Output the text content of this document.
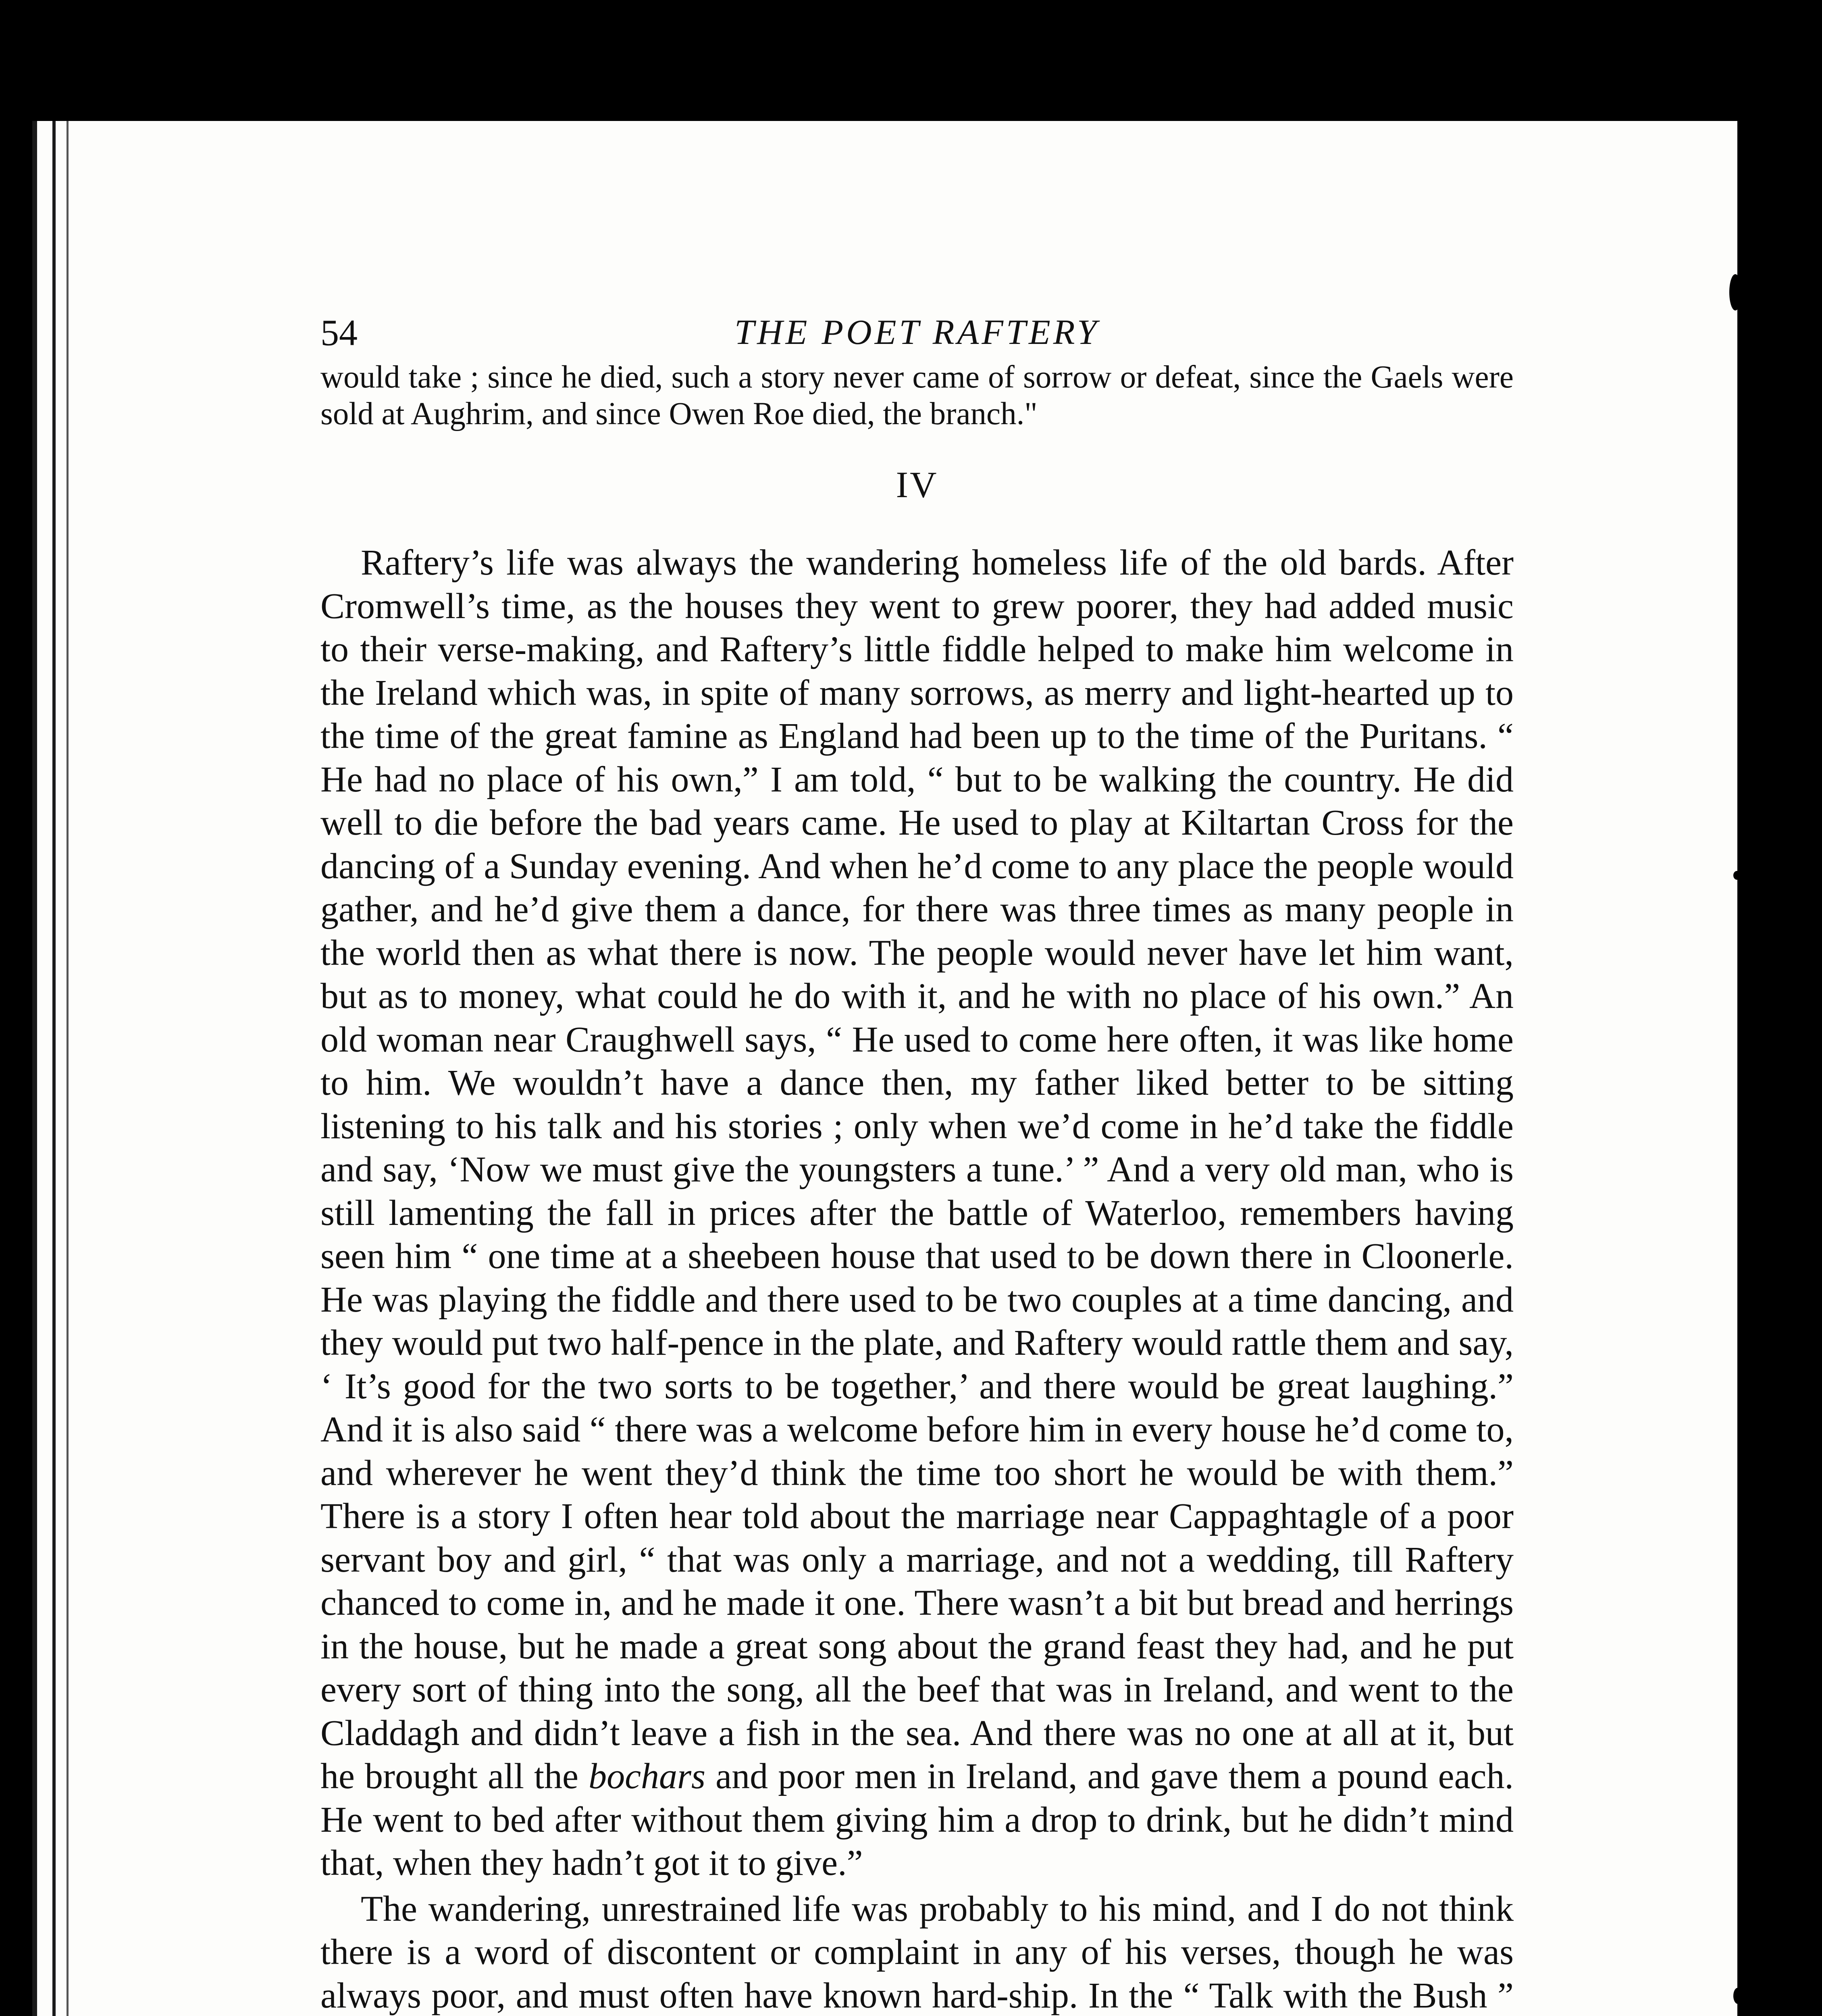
54	THE POET RAFTERY

would take ; since he died, such a story never came of sorrow or defeat, since the Gaels were sold at Aughrim, and since Owen Roe died, the branch."

IV

Raftery’s life was always the wandering homeless life of the old bards. After Cromwell’s time, as the houses they went to grew poorer, they had added music to their verse-making, and Raftery’s little fiddle helped to make him welcome in the Ireland which was, in spite of many sorrows, as merry and light-hearted up to the time of the great famine as England had been up to the time of the Puritans. “ He had no place of his own,” I am told, “ but to be walking the country. He did well to die before the bad years came. He used to play at Kiltartan Cross for the dancing of a Sunday evening. And when he’d come to any place the people would gather, and he’d give them a dance, for there was three times as many people in the world then as what there is now. The people would never have let him want, but as to money, what could he do with it, and he with no place of his own.” An old woman near Craughwell says, “ He used to come here often, it was like home to him. We wouldn’t have a dance then, my father liked better to be sitting listening to his talk and his stories ; only when we’d come in he’d take the fiddle and say, ‘Now we must give the youngsters a tune.’ ” And a very old man, who is still lamenting the fall in prices after the battle of Waterloo, remembers having seen him “ one time at a sheebeen house that used to be down there in Cloonerle. He was playing the fiddle and there used to be two couples at a time dancing, and they would put two half-pence in the plate, and Raftery would rattle them and say, ‘ It’s good for the two sorts to be together,’ and there would be great laughing.” And it is also said “ there was a welcome before him in every house he’d come to, and wherever he went they’d think the time too short he would be with them.” There is a story I often hear told about the marriage near Cappaghtagle of a poor servant boy and girl, “ that was only a marriage, and not a wedding, till Raftery chanced to come in, and he made it one. There wasn’t a bit but bread and herrings in the house, but he made a great song about the grand feast they had, and he put every sort of thing into the song, all the beef that was in Ireland, and went to the Claddagh and didn’t leave a fish in the sea. And there was no one at all at it, but he brought all the bochars and poor men in Ireland, and gave them a pound each. He went to bed after without them giving him a drop to drink, but he didn’t mind that, when they hadn’t got it to give.”

The wandering, unrestrained life was probably to his mind, and I do not think there is a word of discontent or complaint in any of his verses, though he was always poor, and must often have known hard-ship. In the “ Talk with the Bush ”
